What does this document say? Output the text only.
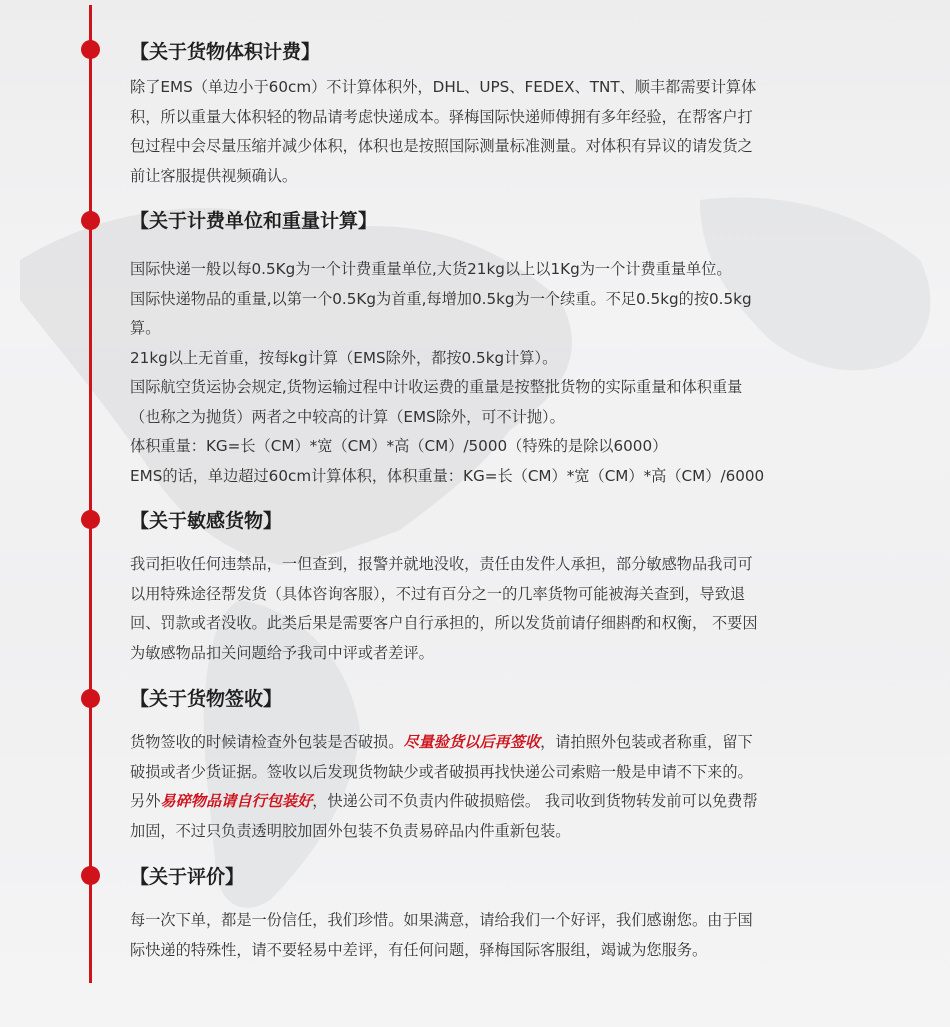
【关于货物体积计费】
除了EMS（单边小于60cm）不计算体积外，DHL、UPS、FEDEX、TNT、顺丰都需要计算体
积，所以重量大体积轻的物品请考虑快递成本。驿梅国际快递师傅拥有多年经验，在帮客户打
包过程中会尽量压缩并减少体积，体积也是按照国际测量标准测量。对体积有异议的请发货之
前让客服提供视频确认。
【关于计费单位和重量计算】
国际快递一般以每0.5Kg为一个计费重量单位,大货21kg以上以1Kg为一个计费重量单位。
国际快递物品的重量,以第一个0.5Kg为首重,每增加0.5kg为一个续重。不足0.5kg的按0.5kg
算。
21kg以上无首重，按每kg计算（EMS除外，都按0.5kg计算）。
国际航空货运协会规定,货物运输过程中计收运费的重量是按整批货物的实际重量和体积重量
（也称之为抛货）两者之中较高的计算（EMS除外，可不计抛）。
体积重量：KG=长（CM）*宽（CM）*高（CM）/5000（特殊的是除以6000）
EMS的话，单边超过60cm计算体积，体积重量：KG=长（CM）*宽（CM）*高（CM）/6000
【关于敏感货物】
我司拒收任何违禁品，一但查到，报警并就地没收，责任由发件人承担，部分敏感物品我司可
以用特殊途径帮发货（具体咨询客服），不过有百分之一的几率货物可能被海关查到，导致退
回、罚款或者没收。此类后果是需要客户自行承担的，所以发货前请仔细斟酌和权衡， 不要因
为敏感物品扣关问题给予我司中评或者差评。
【关于货物签收】
货物签收的时候请检查外包装是否破损。尽量验货以后再签收，请拍照外包装或者称重，留下
破损或者少货证据。签收以后发现货物缺少或者破损再找快递公司索赔一般是申请不下来的。
另外易碎物品请自行包装好，快递公司不负责内件破损赔偿。 我司收到货物转发前可以免费帮
加固，不过只负责透明胶加固外包装不负责易碎品内件重新包装。
【关于评价】
每一次下单，都是一份信任，我们珍惜。如果满意，请给我们一个好评，我们感谢您。由于国
际快递的特殊性，请不要轻易中差评，有任何问题，驿梅国际客服组，竭诚为您服务。
